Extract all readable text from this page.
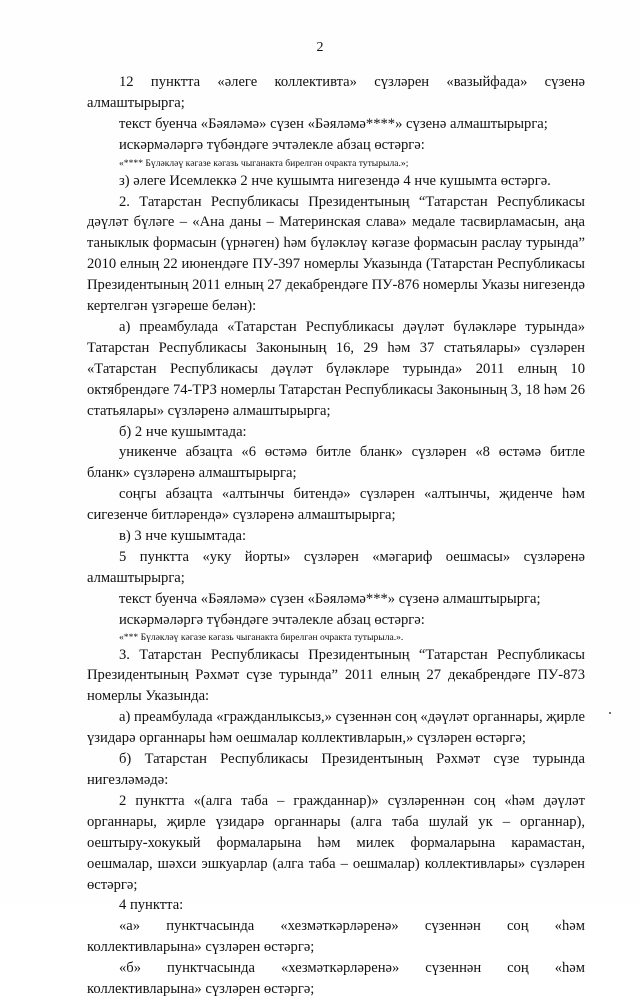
2

12 пунктта «әлеге коллективта» сүзләрен «вазыйфада» сүзенә алмаштырырга;

текст буенча «Бәяләмә» сүзен «Бәяләмә****» сүзенә алмаштырырга;

искәрмәләргә түбәндәге эчтәлекле абзац өстәргә:

«**** Бүләкләү кәгазе кәгазь чыганакта бирелгән очракта тутырыла.»;

з) әлеге Исемлеккә 2 нче кушымта нигезендә 4 нче кушымта өстәргә.

2. Татарстан Республикасы Президентының “Татарстан Республикасы дәүләт бүләге – «Ана даны – Материнская слава» медале тасвирламасын, аңа таныклык формасын (үрнәген) һәм бүләкләү кәгазе формасын раслау турында” 2010 елның 22 июнендәге ПУ-397 номерлы Указында (Татарстан Республикасы Президентының 2011 елның 27 декабрендәге ПУ-876 номерлы Указы нигезендә кертелгән үзгәреше белән):

а) преамбулада «Татарстан Республикасы дәүләт бүләкләре турында» Татарстан Республикасы Законының 16, 29 һәм 37 статьялары» сүзләрен «Татарстан Республикасы дәүләт бүләкләре турында» 2011 елның 10 октябрендәге 74-ТРЗ номерлы Татарстан Республикасы Законының 3, 18 һәм 26 статьялары» сүзләренә алмаштырырга;

б) 2 нче кушымтада:

уникенче абзацта «6 өстәмә битле бланк» сүзләрен «8 өстәмә битле бланк» сүзләренә алмаштырырга;

соңгы абзацта «алтынчы битендә» сүзләрен «алтынчы, җиденче һәм сигезенче битләрендә» сүзләренә алмаштырырга;

в) 3 нче кушымтада:

5 пунктта «уку йорты» сүзләрен «мәгариф оешмасы» сүзләренә алмаштырырга;

текст буенча «Бәяләмә» сүзен «Бәяләмә***» сүзенә алмаштырырга;

искәрмәләргә түбәндәге эчтәлекле абзац өстәргә:

«*** Бүләкләү кәгазе кәгазь чыганакта бирелгән очракта тутырыла.».

3. Татарстан Республикасы Президентының “Татарстан Республикасы Президентының Рәхмәт сүзе турында” 2011 елның 27 декабрендәге ПУ-873 номерлы Указында:

а) преамбулада «гражданлыксыз,» сүзеннән соң «дәүләт органнары, җирле үзидарә органнары һәм оешмалар коллективларын,» сүзләрен өстәргә;

б) Татарстан Республикасы Президентының Рәхмәт сүзе турында нигезләмәдә:

2 пунктта «(алга таба – гражданнар)» сүзләреннән соң «һәм дәүләт органнары, җирле үзидарә органнары (алга таба шулай ук – органнар), оештыру-хокукый формаларына һәм милек формаларына карамастан, оешмалар, шәхси эшкуарлар (алга таба – оешмалар) коллективлары» сүзләрен өстәргә;

4 пунктта:

«а» пунктчасында «хезмәткәрләренә» сүзеннән соң «һәм коллективларына» сүзләрен өстәргә;

«б» пунктчасында «хезмәткәрләренә» сүзеннән соң «һәм коллективларына» сүзләрен өстәргә;
